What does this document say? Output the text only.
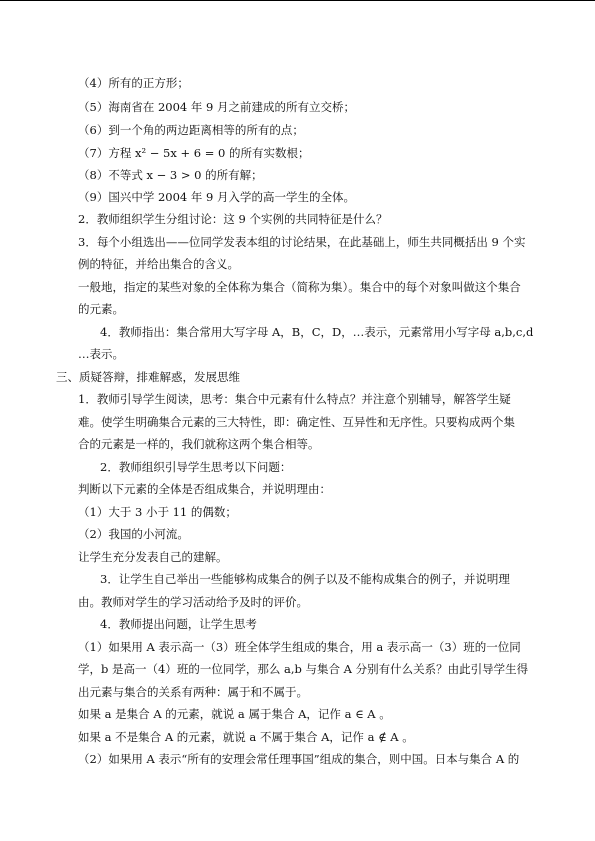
（4）所有的正方形；
（5）海南省在 2004 年 9 月之前建成的所有立交桥；
（6）到一个角的两边距离相等的所有的点；
（7）方程 x² − 5x + 6 = 0 的所有实数根；
（8）不等式 x − 3 > 0 的所有解；
（9）国兴中学 2004 年 9 月入学的高一学生的全体。
2．教师组织学生分组讨论：这 9 个实例的共同特征是什么？
3．每个小组选出——位同学发表本组的讨论结果，在此基础上，师生共同概括出 9 个实
例的特征，并给出集合的含义。
一般地，指定的某些对象的全体称为集合（简称为集）。集合中的每个对象叫做这个集合
的元素。
4．教师指出：集合常用大写字母 A，B，C，D，…表示，元素常用小写字母 a,b,c,d
…表示。
三、质疑答辩，排难解惑，发展思维
1．教师引导学生阅读，思考：集合中元素有什么特点？并注意个别辅导，解答学生疑
难。使学生明确集合元素的三大特性，即：确定性、互异性和无序性。只要构成两个集
合的元素是一样的，我们就称这两个集合相等。
2．教师组织引导学生思考以下问题：
判断以下元素的全体是否组成集合，并说明理由：
（1）大于 3 小于 11 的偶数；
（2）我国的小河流。
让学生充分发表自己的建解。
3．让学生自己举出一些能够构成集合的例子以及不能构成集合的例子，并说明理
由。教师对学生的学习活动给予及时的评价。
4．教师提出问题，让学生思考
（1）如果用 A 表示高一（3）班全体学生组成的集合，用 a 表示高一（3）班的一位同
学，b 是高一（4）班的一位同学，那么 a,b 与集合 A 分别有什么关系？由此引导学生得
出元素与集合的关系有两种：属于和不属于。
如果 a 是集合 A 的元素，就说 a 属于集合 A，记作 a ∈ A 。
如果 a 不是集合 A 的元素，就说 a 不属于集合 A，记作 a ∉ A 。
（2）如果用 A 表示“所有的安理会常任理事国”组成的集合，则中国。日本与集合 A 的
